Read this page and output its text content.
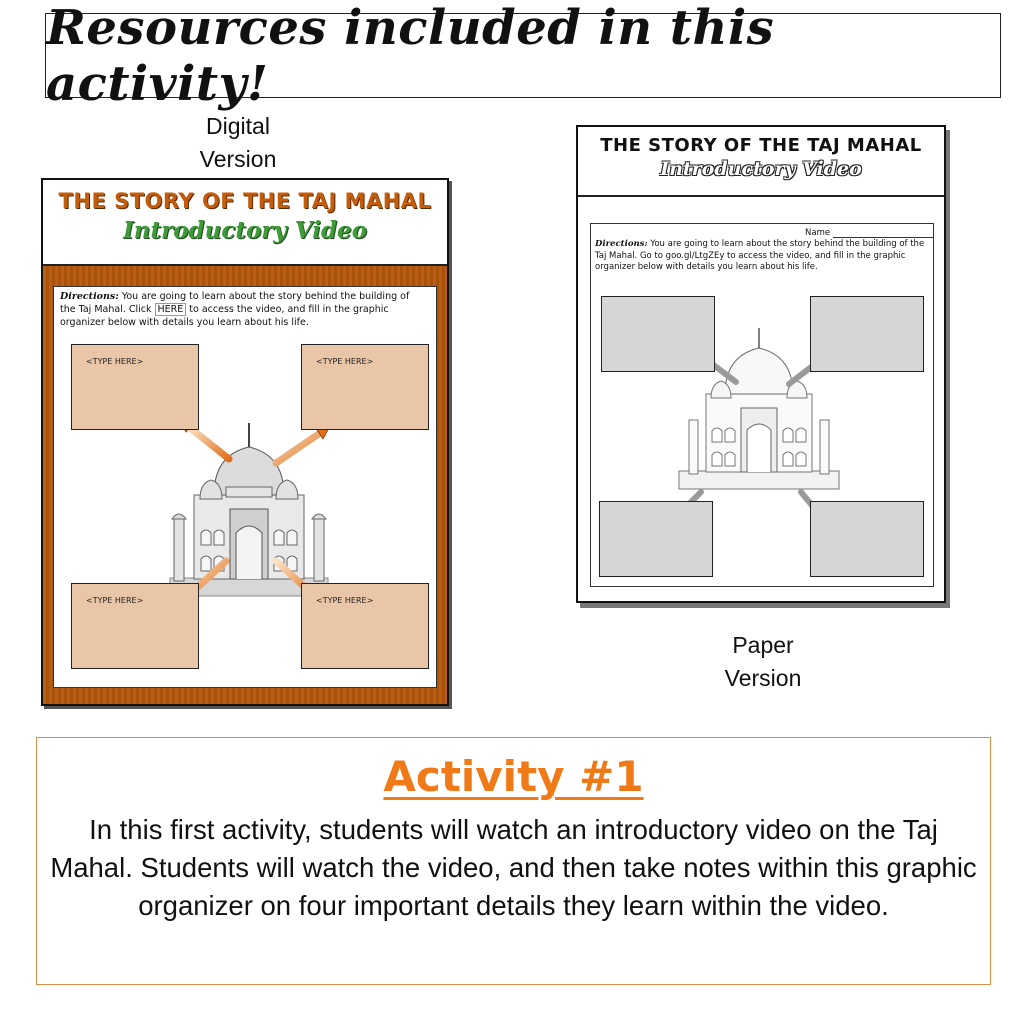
Resources included in this activity!
Digital
Version
Paper
Version
THE STORY OF THE TAJ MAHAL
Introductory Video
Directions: You are going to learn about the story behind the building of the Taj Mahal. Click HERE to access the video, and fill in the graphic organizer below with details you learn about his life.
<TYPE HERE>	<TYPE HERE>
<TYPE HERE>	<TYPE HERE>
THE STORY OF THE TAJ MAHAL
Introductory Video
Name
Directions: You are going to learn about the story behind the building of the Taj Mahal. Go to goo.gl/LtgZEy to access the video, and fill in the graphic organizer below with details you learn about his life.
Activity #1
In this first activity, students will watch an introductory video on the Taj Mahal. Students will watch the video, and then take notes within this graphic organizer on four important details they learn within the video.
